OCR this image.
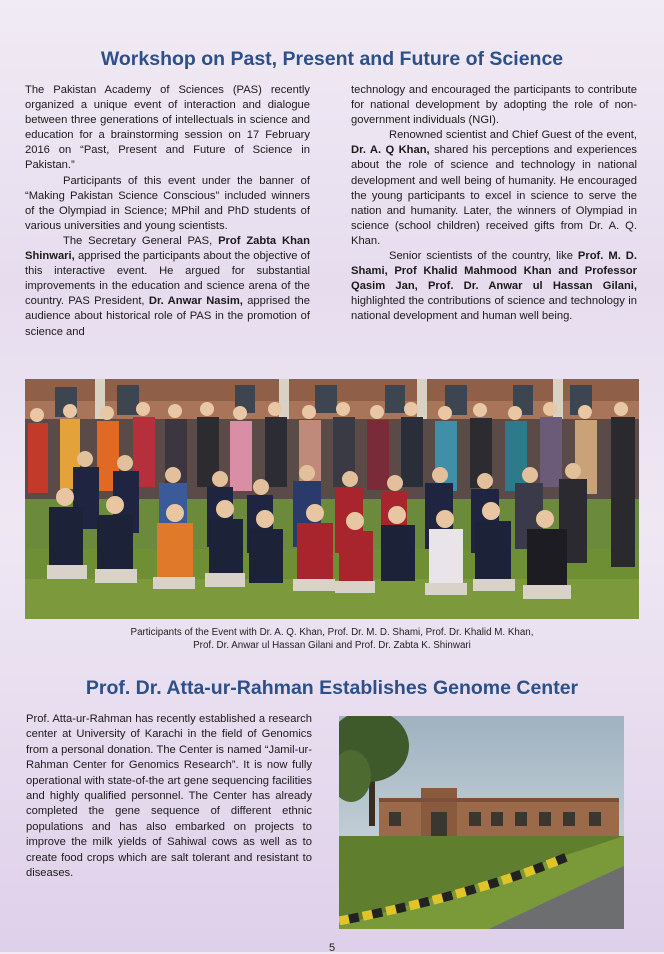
Workshop on Past, Present and Future of Science

The Pakistan Academy of Sciences (PAS) recently organized a unique event of interaction and dialogue between three generations of intellectuals in science and education for a brainstorming session on 17 February 2016 on “Past, Present and Future of Science in Pakistan.”

Participants of this event under the banner of “Making Pakistan Science Conscious” included winners of the Olympiad in Science; MPhil and PhD students of various universities and young scientists.

The Secretary General PAS, Prof Zabta Khan Shinwari, apprised the participants about the objective of this interactive event. He argued for substantial improvements in the education and science arena of the country. PAS President, Dr. Anwar Nasim, apprised the audience about historical role of PAS in the promotion of science and

technology and encouraged the participants to contribute for national development by adopting the role of non-government individuals (NGI).

Renowned scientist and Chief Guest of the event, Dr. A. Q Khan, shared his perceptions and experiences about the role of science and technology in national development and well being of humanity. He encouraged the young participants to excel in science to serve the nation and humanity. Later, the winners of Olympiad in science (school children) received gifts from Dr. A. Q. Khan.

Senior scientists of the country, like Prof. M. D. Shami, Prof Khalid Mahmood Khan and Professor Qasim Jan, Prof. Dr. Anwar ul Hassan Gilani, highlighted the contributions of science and technology in national development and human well being.

Participants of the Event with Dr. A. Q. Khan, Prof. Dr. M. D. Shami, Prof. Dr. Khalid M. Khan,
Prof. Dr. Anwar ul Hassan Gilani and Prof. Dr. Zabta K. Shinwari
Prof. Dr. Atta-ur-Rahman Establishes Genome Center

Prof. Atta-ur-Rahman has recently established a research center at University of Karachi in the field of Genomics from a personal donation. The Center is named “Jamil-ur-Rahman Center for Genomics Research”. It is now fully operational with state-of-the art gene sequencing facilities and highly qualified personnel. The Center has already completed the gene sequence of different ethnic populations and has also embarked on projects to improve the milk yields of Sahiwal cows as well as to create food crops which are salt tolerant and resistant to diseases.

5
